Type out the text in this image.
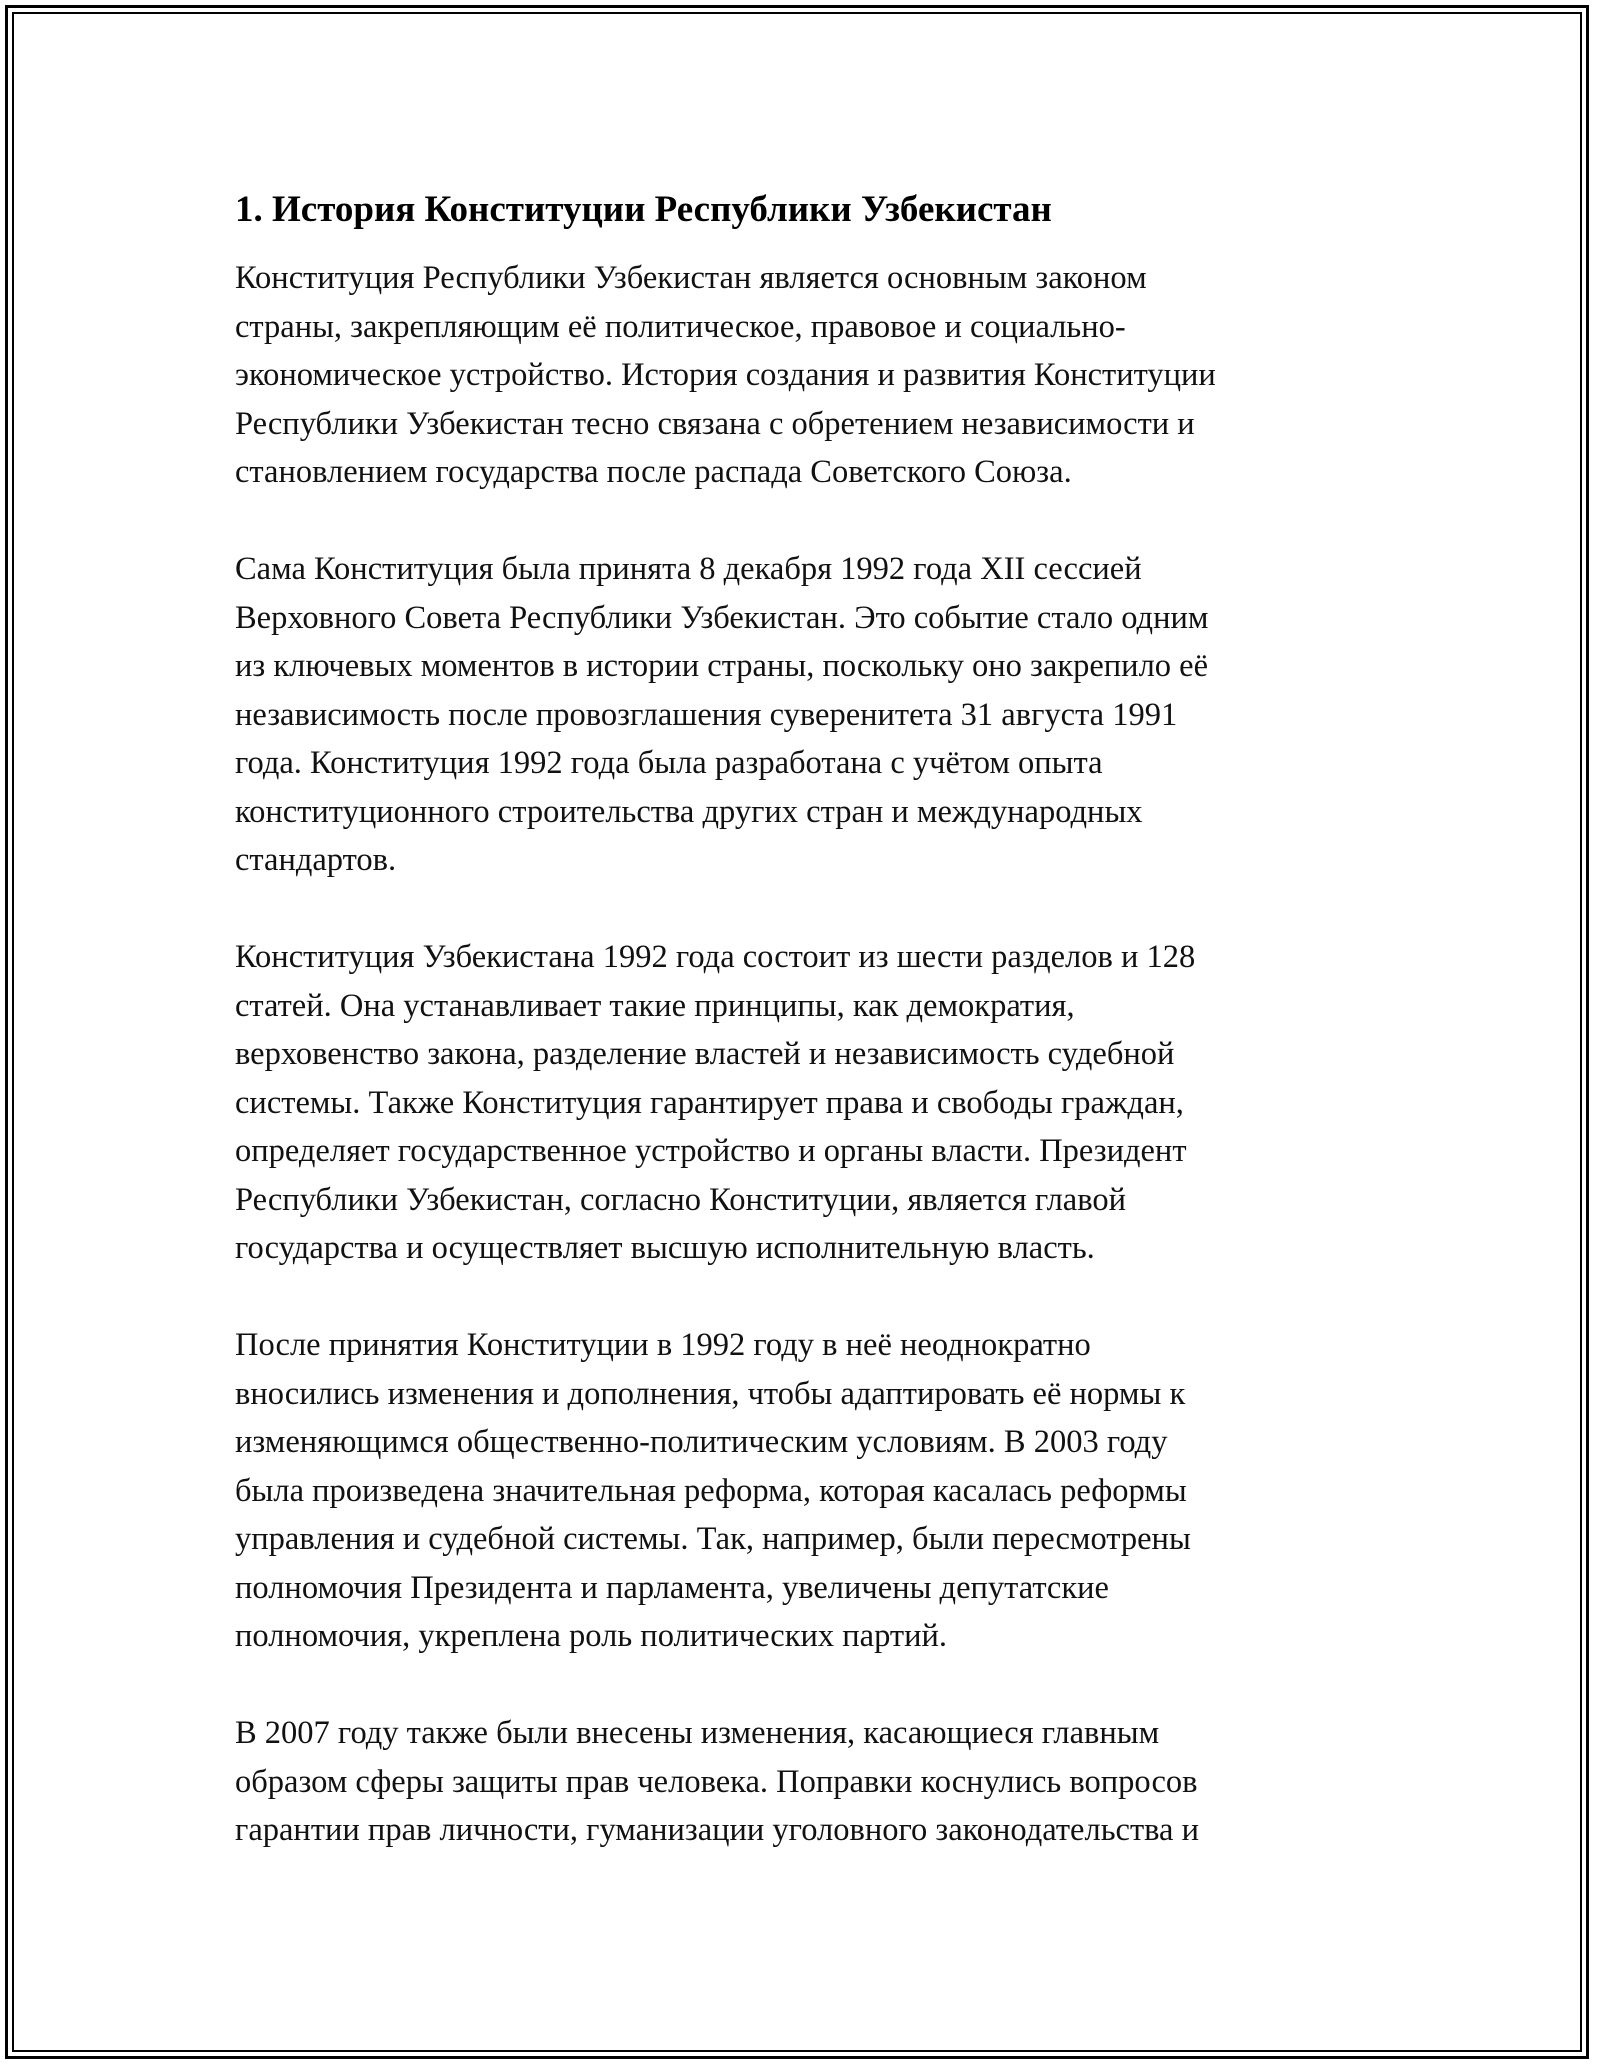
1. История Конституции Республики Узбекистан
Конституция Республики Узбекистан является основным законом
страны, закрепляющим её политическое, правовое и социально-
экономическое устройство. История создания и развития Конституции
Республики Узбекистан тесно связана с обретением независимости и
становлением государства после распада Советского Союза.
Сама Конституция была принята 8 декабря 1992 года XII сессией
Верховного Совета Республики Узбекистан. Это событие стало одним
из ключевых моментов в истории страны, поскольку оно закрепило её
независимость после провозглашения суверенитета 31 августа 1991
года. Конституция 1992 года была разработана с учётом опыта
конституционного строительства других стран и международных
стандартов.
Конституция Узбекистана 1992 года состоит из шести разделов и 128
статей. Она устанавливает такие принципы, как демократия,
верховенство закона, разделение властей и независимость судебной
системы. Также Конституция гарантирует права и свободы граждан,
определяет государственное устройство и органы власти. Президент
Республики Узбекистан, согласно Конституции, является главой
государства и осуществляет высшую исполнительную власть.
После принятия Конституции в 1992 году в неё неоднократно
вносились изменения и дополнения, чтобы адаптировать её нормы к
изменяющимся общественно-политическим условиям. В 2003 году
была произведена значительная реформа, которая касалась реформы
управления и судебной системы. Так, например, были пересмотрены
полномочия Президента и парламента, увеличены депутатские
полномочия, укреплена роль политических партий.
В 2007 году также были внесены изменения, касающиеся главным
образом сферы защиты прав человека. Поправки коснулись вопросов
гарантии прав личности, гуманизации уголовного законодательства и
